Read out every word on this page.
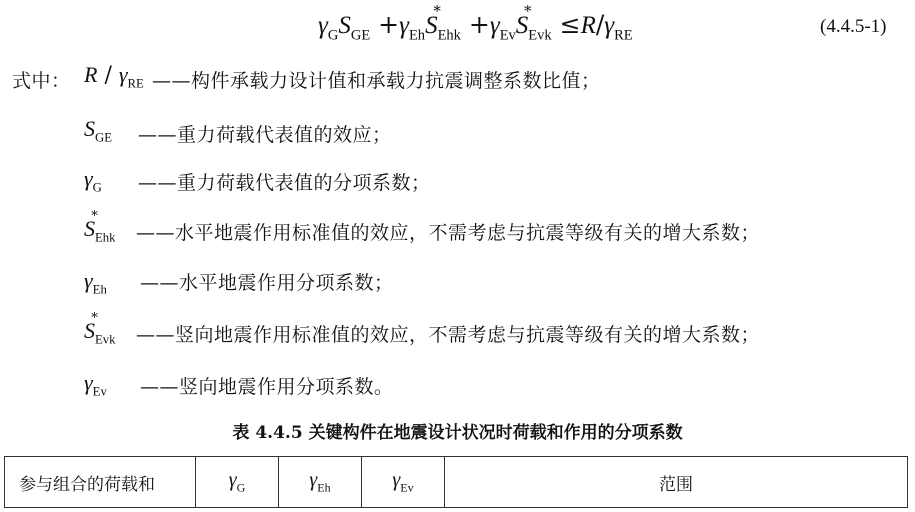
$\gamma_GS_{GE} +\gamma_{Eh}S$
*
$_{Ehk} +\gamma_{Ev}S$
*
$_{Evk} \le R/\gamma_{RE}$	(4.4.5-1)
式中： R / $\gamma_{RE}$ ——构件承载力设计值和承载力抗震调整系数比值；
$S_{GE}$ ——重力荷载代表值的效应；
$\gamma_G$ ——重力荷载代表值的分项系数；
S
*
$_{Ehk}$ ——水平地震作用标准值的效应，不需考虑与抗震等级有关的增大系数；
$\gamma_{Eh}$ ——水平地震作用分项系数；
S
*
$_{Evk}$ ——竖向地震作用标准值的效应，不需考虑与抗震等级有关的增大系数；
$\gamma_{Ev}$ ——竖向地震作用分项系数。
表 4.4.5 关键构件在地震设计状况时荷载和作用的分项系数
参与组合的荷载和	$\gamma_G$	$\gamma_{Eh}$	$\gamma_{Ev}$	范围
